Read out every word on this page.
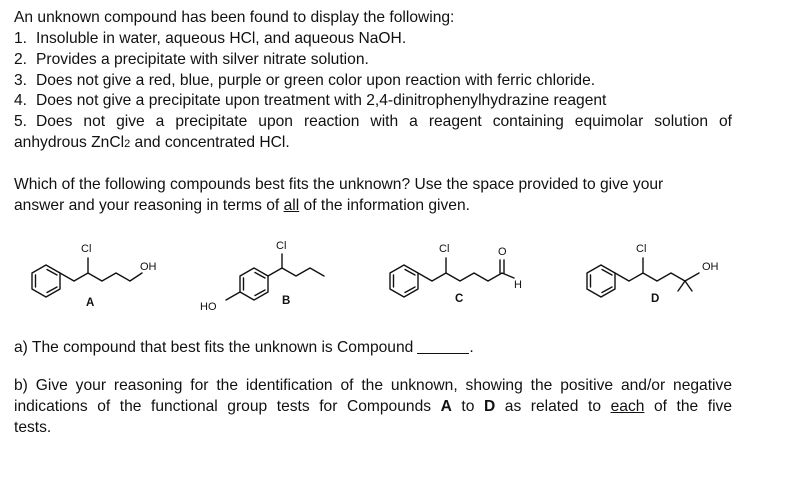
An unknown compound has been found to display the following:
1. Insoluble in water, aqueous HCl, and aqueous NaOH.
2. Provides a precipitate with silver nitrate solution.
3. Does not give a red, blue, purple or green color upon reaction with ferric chloride.
4. Does not give a precipitate upon treatment with 2,4-dinitrophenylhydrazine reagent
5. Does not give a precipitate upon reaction with a reagent containing equimolar solution of
anhydrous ZnCl2 and concentrated HCl.
Which of the following compounds best fits the unknown? Use the space provided to give your
answer and your reasoning in terms of all of the information given.
Cl
OH
A
Cl
HO	B
Cl	O
H
C
Cl
OH
D
a) The compound that best fits the unknown is Compound	.
b) Give your reasoning for the identification of the unknown, showing the positive and/or negative
indications of the functional group tests for Compounds A to D as related to each of the five
tests.
